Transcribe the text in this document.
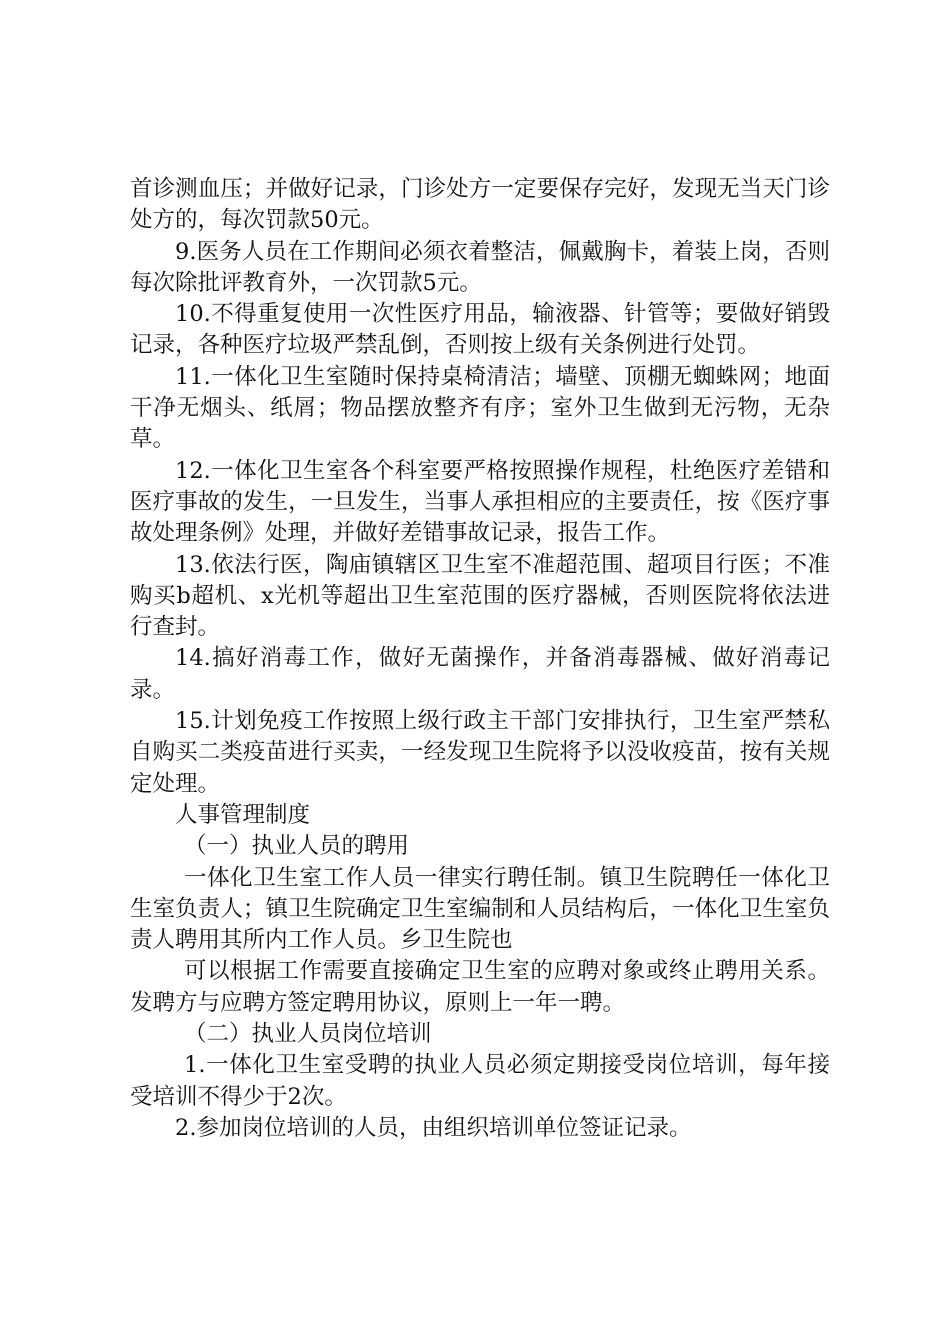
首诊测血压；并做好记录，门诊处方一定要保存完好，发现无当天门诊处方的，每次罚款50元。

9.医务人员在工作期间必须衣着整洁，佩戴胸卡，着装上岗，否则每次除批评教育外，一次罚款5元。

10.不得重复使用一次性医疗用品，输液器、针管等；要做好销毁记录，各种医疗垃圾严禁乱倒，否则按上级有关条例进行处罚。

11.一体化卫生室随时保持桌椅清洁；墙壁、顶棚无蜘蛛网；地面干净无烟头、纸屑；物品摆放整齐有序；室外卫生做到无污物，无杂草。

12.一体化卫生室各个科室要严格按照操作规程，杜绝医疗差错和医疗事故的发生，一旦发生，当事人承担相应的主要责任，按《医疗事故处理条例》处理，并做好差错事故记录，报告工作。

13.依法行医，陶庙镇辖区卫生室不准超范围、超项目行医；不准购买b超机、x光机等超出卫生室范围的医疗器械，否则医院将依法进行查封。

14.搞好消毒工作，做好无菌操作，并备消毒器械、做好消毒记录。

15.计划免疫工作按照上级行政主干部门安排执行，卫生室严禁私自购买二类疫苗进行买卖，一经发现卫生院将予以没收疫苗，按有关规定处理。

人事管理制度

（一）执业人员的聘用

一体化卫生室工作人员一律实行聘任制。镇卫生院聘任一体化卫生室负责人；镇卫生院确定卫生室编制和人员结构后，一体化卫生室负责人聘用其所内工作人员。乡卫生院也

可以根据工作需要直接确定卫生室的应聘对象或终止聘用关系。发聘方与应聘方签定聘用协议，原则上一年一聘。

（二）执业人员岗位培训

1.一体化卫生室受聘的执业人员必须定期接受岗位培训，每年接受培训不得少于2次。

2.参加岗位培训的人员，由组织培训单位签证记录。
